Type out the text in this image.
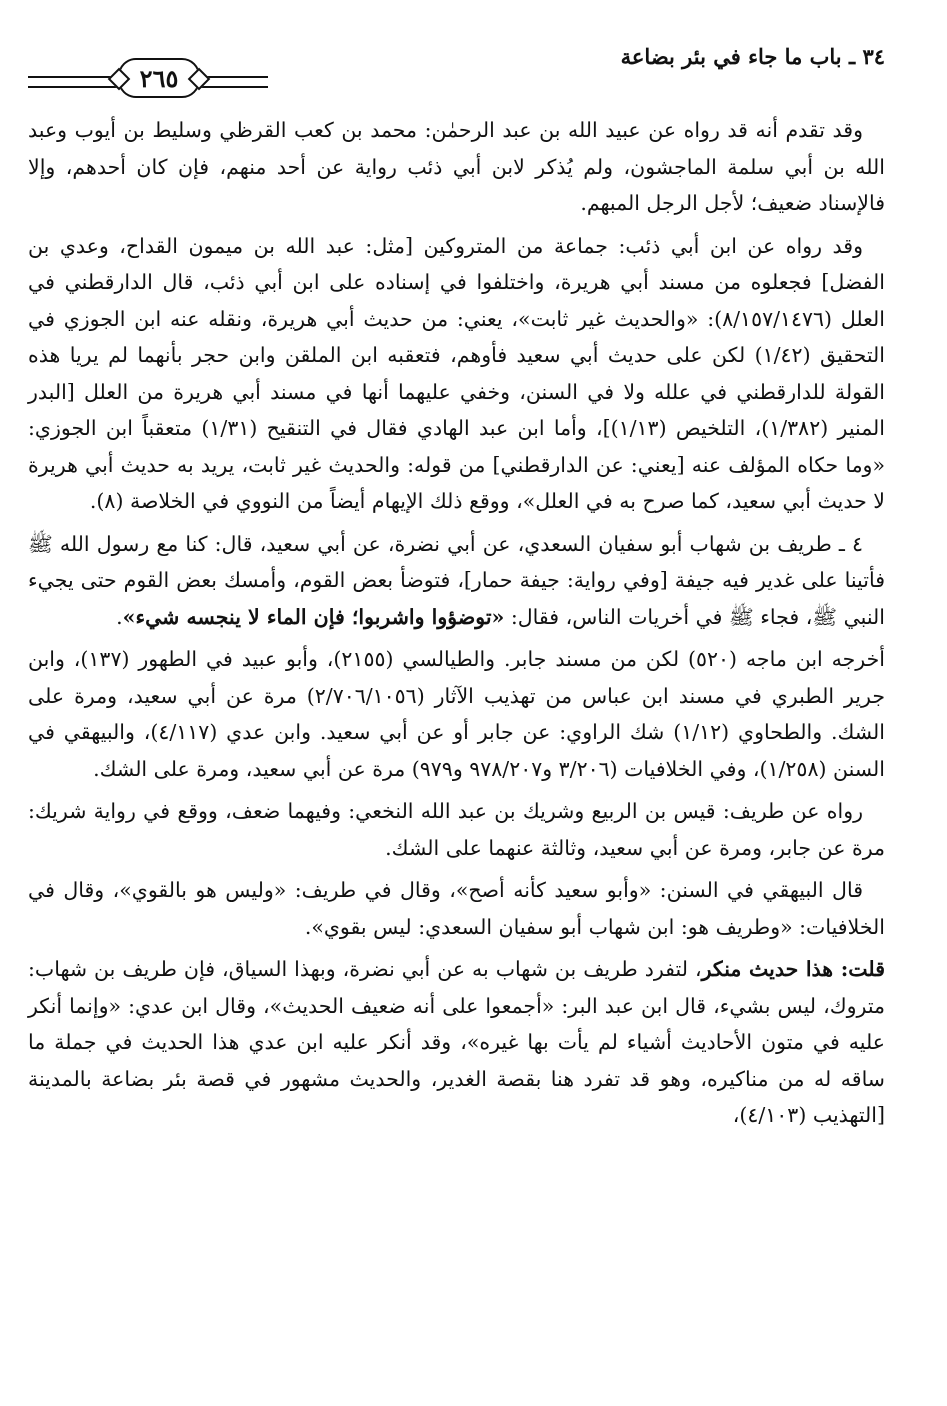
٣٤ ـ باب ما جاء في بئر بضاعة
٢٦٥

وقد تقدم أنه قد رواه عن عبيد الله بن عبد الرحمٰن: محمد بن كعب القرظي وسليط بن أيوب وعبد الله بن أبي سلمة الماجشون، ولم يُذكر لابن أبي ذئب رواية عن أحد منهم، فإن كان أحدهم، وإلا فالإسناد ضعيف؛ لأجل الرجل المبهم.

وقد رواه عن ابن أبي ذئب: جماعة من المتروكين [مثل: عبد الله بن ميمون القداح، وعدي بن الفضل] فجعلوه من مسند أبي هريرة، واختلفوا في إسناده على ابن أبي ذئب، قال الدارقطني في العلل (٨/١٥٧/١٤٧٦): «والحديث غير ثابت»، يعني: من حديث أبي هريرة، ونقله عنه ابن الجوزي في التحقيق (١/٤٢) لكن على حديث أبي سعيد فأوهم، فتعقبه ابن الملقن وابن حجر بأنهما لم يريا هذه القولة للدارقطني في علله ولا في السنن، وخفي عليهما أنها في مسند أبي هريرة من العلل [البدر المنير (١/٣٨٢)، التلخيص (١/١٣)]، وأما ابن عبد الهادي فقال في التنقيح (١/٣١) متعقباً ابن الجوزي: «وما حكاه المؤلف عنه [يعني: عن الدارقطني] من قوله: والحديث غير ثابت، يريد به حديث أبي هريرة لا حديث أبي سعيد، كما صرح به في العلل»، ووقع ذلك الإيهام أيضاً من النووي في الخلاصة (٨).

٤ ـ طريف بن شهاب أبو سفيان السعدي، عن أبي نضرة، عن أبي سعيد، قال: كنا مع رسول الله ﷺ فأتينا على غدير فيه جيفة [وفي رواية: جيفة حمار]، فتوضأ بعض القوم، وأمسك بعض القوم حتى يجيء النبي ﷺ، فجاء ﷺ في أخريات الناس، فقال: «توضؤوا واشربوا؛ فإن الماء لا ينجسه شيء».

أخرجه ابن ماجه (٥٢٠) لكن من مسند جابر. والطيالسي (٢١٥٥)، وأبو عبيد في الطهور (١٣٧)، وابن جرير الطبري في مسند ابن عباس من تهذيب الآثار (٢/٧٠٦/١٠٥٦) مرة عن أبي سعيد، ومرة على الشك. والطحاوي (١/١٢) شك الراوي: عن جابر أو عن أبي سعيد. وابن عدي (٤/١١٧)، والبيهقي في السنن (١/٢٥٨)، وفي الخلافيات (٣/٢٠٦ و٩٧٨/٢٠٧ و٩٧٩) مرة عن أبي سعيد، ومرة على الشك.

رواه عن طريف: قيس بن الربيع وشريك بن عبد الله النخعي: وفيهما ضعف، ووقع في رواية شريك: مرة عن جابر، ومرة عن أبي سعيد، وثالثة عنهما على الشك.

قال البيهقي في السنن: «وأبو سعيد كأنه أصح»، وقال في طريف: «وليس هو بالقوي»، وقال في الخلافيات: «وطريف هو: ابن شهاب أبو سفيان السعدي: ليس بقوي».

قلت: هذا حديث منكر، لتفرد طريف بن شهاب به عن أبي نضرة، وبهذا السياق، فإن طريف بن شهاب: متروك، ليس بشيء، قال ابن عبد البر: «أجمعوا على أنه ضعيف الحديث»، وقال ابن عدي: «وإنما أنكر عليه في متون الأحاديث أشياء لم يأت بها غيره»، وقد أنكر عليه ابن عدي هذا الحديث في جملة ما ساقه له من مناكيره، وهو قد تفرد هنا بقصة الغدير، والحديث مشهور في قصة بئر بضاعة بالمدينة [التهذيب (٤/١٠٣)،
